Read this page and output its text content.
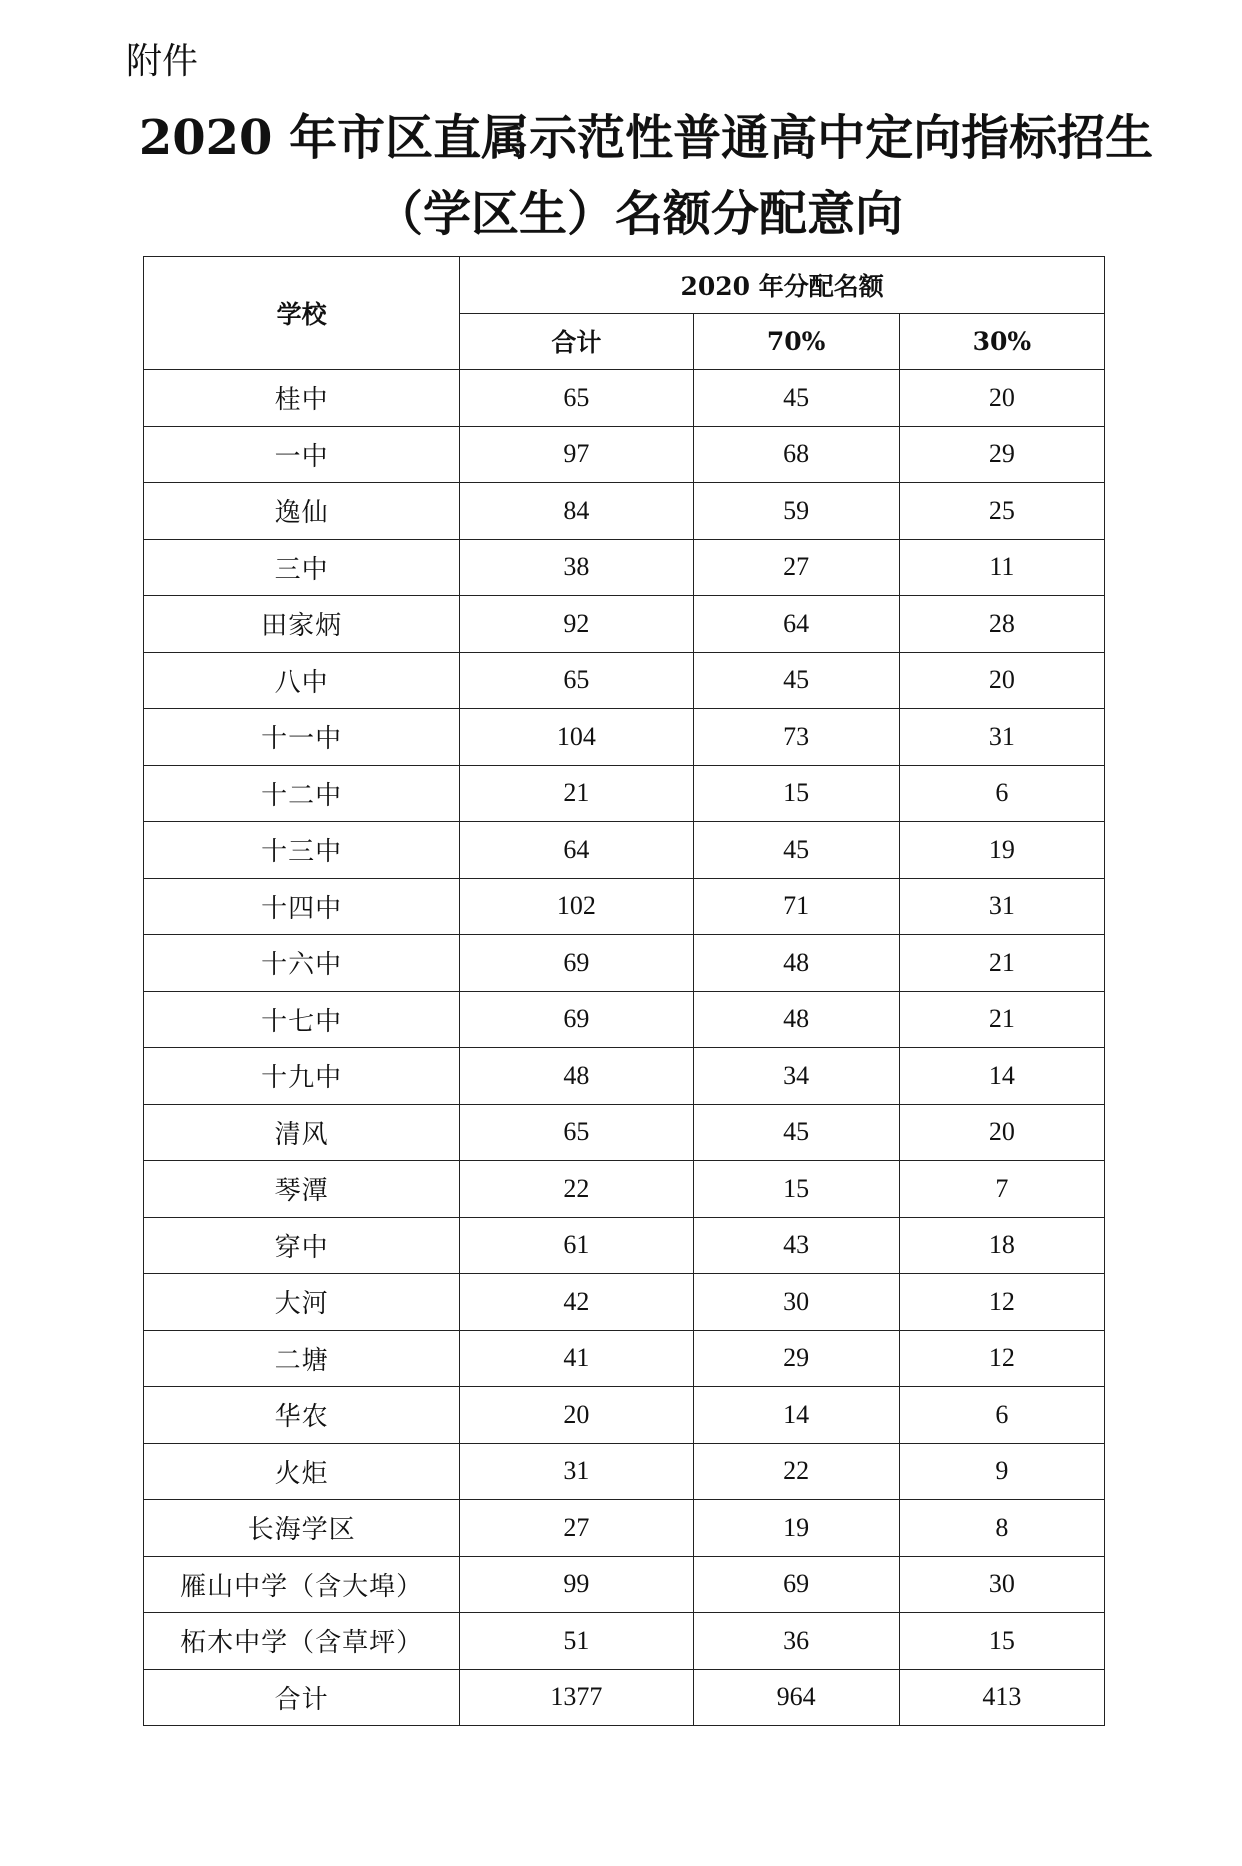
附件
2020 年市区直属示范性普通高中定向指标招生
（学区生）名额分配意向
学校	2020 年分配名额		
	合计	70%	30%
桂中	65	45	20
一中	97	68	29
逸仙	84	59	25
三中	38	27	11
田家炳	92	64	28
八中	65	45	20
十一中	104	73	31
十二中	21	15	6
十三中	64	45	19
十四中	102	71	31
十六中	69	48	21
十七中	69	48	21
十九中	48	34	14
清风	65	45	20
琴潭	22	15	7
穿中	61	43	18
大河	42	30	12
二塘	41	29	12
华农	20	14	6
火炬	31	22	9
长海学区	27	19	8
雁山中学（含大埠）	99	69	30
柘木中学（含草坪）	51	36	15
合计	1377	964	413
